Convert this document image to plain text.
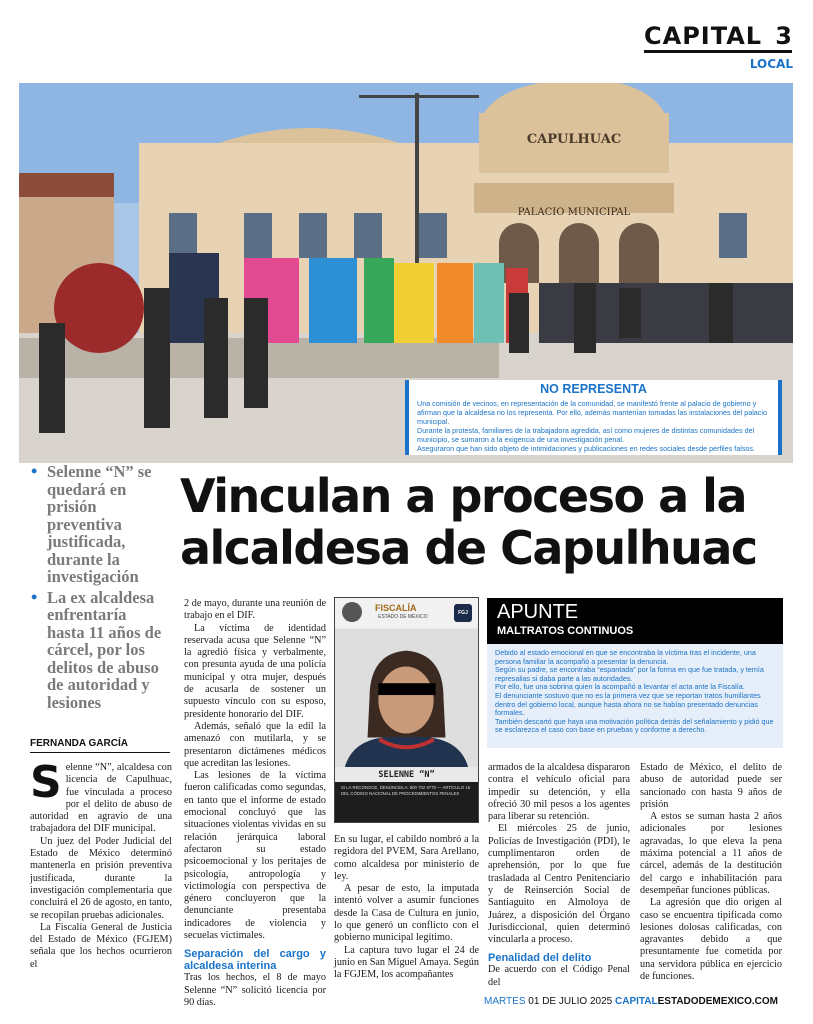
CAPITAL 3
LOCAL
CAPULHUAC
PALACIO MUNICIPAL
NO REPRESENTA

Una comisión de vecinos, en representación de la comunidad, se manifestó frente al palacio de gobierno y afirman que la alcaldesa no los representa. Por ello, además mantenían tomadas las instalaciones del palacio municipal.

Durante la protesta, familiares de la trabajadora agredida, así como mujeres de distintas comunidades del municipio, se sumaron a la exigencia de una investigación penal.

Aseguraron que han sido objeto de intimidaciones y publicaciones en redes sociales desde perfiles falsos.

• Selenne “N” se quedará en prisión preventiva justificada, durante la investigación
• La ex alcaldesa enfrentaría hasta 11 años de cárcel, por los delitos de abuso de autoridad y lesiones
Vinculan a proceso a la
alcaldesa de Capulhuac
FERNANDA GARCÍA

Selenne “N”, alcaldesa con licencia de Capulhuac, fue vinculada a proceso por el delito de abuso de autoridad en agravio de una trabajadora del DIF municipal.

Un juez del Poder Judicial del Estado de México determinó mantenerla en prisión preventiva justificada, durante la investigación complementaria que concluirá el 26 de agosto, en tanto, se recopilan pruebas adicionales.

La Fiscalía General de Justicia del Estado de México (FGJEM) señala que los hechos ocurrieron el

2 de mayo, durante una reunión de trabajo en el DIF.

La víctima de identidad reservada acusa que Selenne “N” la agredió física y verbalmente, con presunta ayuda de una policía municipal y otra mujer, después de acusarla de sostener un supuesto vínculo con su esposo, presidente honorario del DIF.

Además, señaló que la edil la amenazó con mutilarla, y se presentaron dictámenes médicos que acreditan las lesiones.

Las lesiones de la víctima fueron calificadas como segundas, en tanto que el informe de estado emocional concluyó que las situaciones violentas vividas en su relación jerárquica laboral afectaron su estado psicoemocional y los peritajes de psicología, antropología y victimología con perspectiva de género concluyeron que la denunciante presentaba indicadores de violencia y secuelas victimales.

Separación del cargo y alcaldesa interina

Tras los hechos, el 8 de mayo Selenne “N” solicitó licencia por 90 días.

FISCALÍA
ESTADO DE MÉXICO
FGJ
SELENNE “N”
SI LA RECONOCE, DENÚNCIELA: 800 702 8770 — ARTÍCULO 16 DEL CÓDIGO NACIONAL DE PROCEDIMIENTOS PENALES
APUNTE
MALTRATOS CONTINUOS

Debido al estado emocional en que se encontraba la víctima tras el incidente, una persona familiar la acompañó a presentar la denuncia.

Según su padre, se encontraba “espantada” por la forma en que fue tratada, y temía represalias si daba parte a las autoridades.

Por ello, fue una sobrina quien la acompañó a levantar el acta ante la Fiscalía.

El denunciante sostuvo que no es la primera vez que se reportan tratos humillantes dentro del gobierno local, aunque hasta ahora no se habían presentado denuncias formales.

También descartó que haya una motivación política detrás del señalamiento y pidió que se esclarezca el caso con base en pruebas y conforme a derecho.

En su lugar, el cabildo nombró a la regidora del PVEM, Sara Arellano, como alcaldesa por ministerio de ley.

A pesar de esto, la imputada intentó volver a asumir funciones desde la Casa de Cultura en junio, lo que generó un conflicto con el gobierno municipal legítimo.

La captura tuvo lugar el 24 de junio en San Miguel Amaya. Según la FGJEM, los acompañantes

armados de la alcaldesa dispararon contra el vehículo oficial para impedir su detención, y ella ofreció 30 mil pesos a los agentes para liberar su retención.

El miércoles 25 de junio, Policías de Investigación (PDI), le cumplimentaron orden de aprehensión, por lo que fue trasladada al Centro Penitenciario y de Reinserción Social de Santiaguito en Almoloya de Juárez, a disposición del Órgano Jurisdiccional, quien determinó vincularla a proceso.

Penalidad del delito

De acuerdo con el Código Penal del

Estado de México, el delito de abuso de autoridad puede ser sancionado con hasta 9 años de prisión

A estos se suman hasta 2 años adicionales por lesiones agravadas, lo que eleva la pena máxima potencial a 11 años de cárcel, además de la destitución del cargo e inhabilitación para desempeñar funciones públicas.

La agresión que dio origen al caso se encuentra tipificada como lesiones dolosas calificadas, con agravantes debido a que presuntamente fue cometida por una servidora pública en ejercicio de funciones.

MARTES 01 DE JULIO 2025 CAPITALESTADODEMEXICO.COM
